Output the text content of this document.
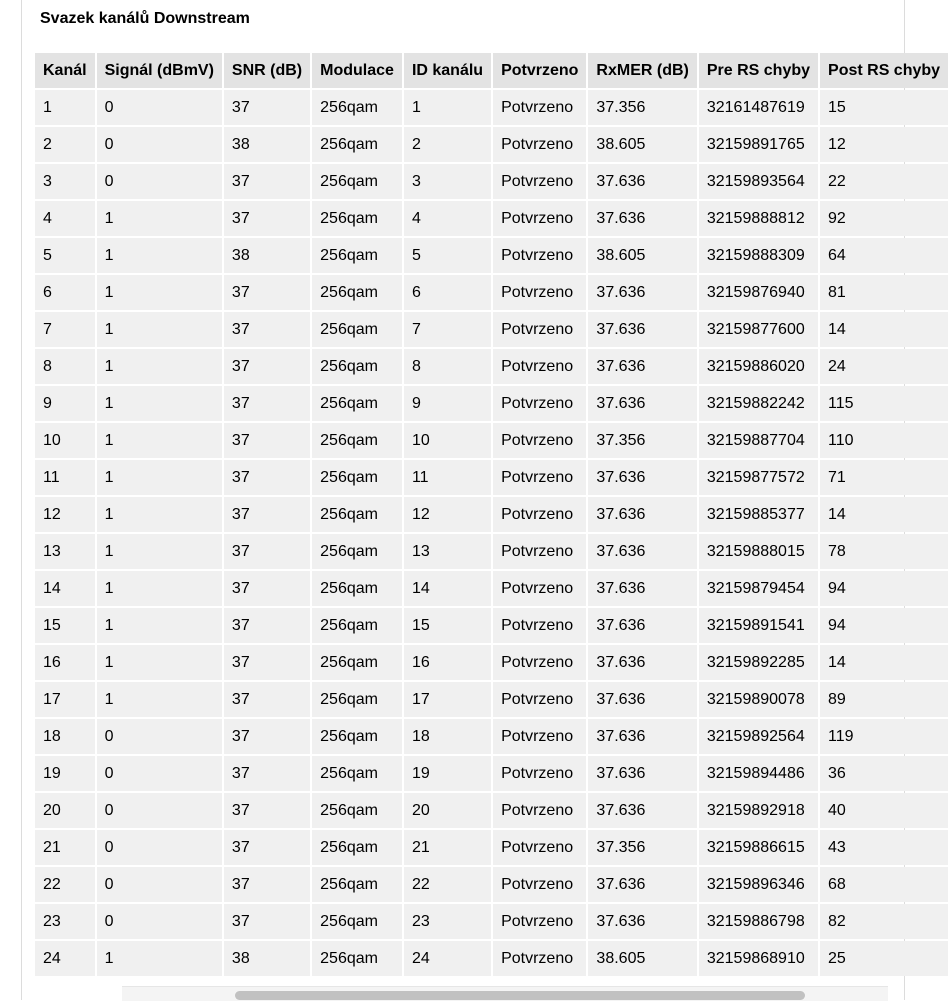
Svazek kanálů Downstream
Kanál	Signál (dBmV)	SNR (dB)	Modulace	ID kanálu	Potvrzeno	RxMER (dB)	Pre RS chyby	Post RS chyby
1	0	37	256qam	1	Potvrzeno	37.356	32161487619	15
2	0	38	256qam	2	Potvrzeno	38.605	32159891765	12
3	0	37	256qam	3	Potvrzeno	37.636	32159893564	22
4	1	37	256qam	4	Potvrzeno	37.636	32159888812	92
5	1	38	256qam	5	Potvrzeno	38.605	32159888309	64
6	1	37	256qam	6	Potvrzeno	37.636	32159876940	81
7	1	37	256qam	7	Potvrzeno	37.636	32159877600	14
8	1	37	256qam	8	Potvrzeno	37.636	32159886020	24
9	1	37	256qam	9	Potvrzeno	37.636	32159882242	115
10	1	37	256qam	10	Potvrzeno	37.356	32159887704	110
11	1	37	256qam	11	Potvrzeno	37.636	32159877572	71
12	1	37	256qam	12	Potvrzeno	37.636	32159885377	14
13	1	37	256qam	13	Potvrzeno	37.636	32159888015	78
14	1	37	256qam	14	Potvrzeno	37.636	32159879454	94
15	1	37	256qam	15	Potvrzeno	37.636	32159891541	94
16	1	37	256qam	16	Potvrzeno	37.636	32159892285	14
17	1	37	256qam	17	Potvrzeno	37.636	32159890078	89
18	0	37	256qam	18	Potvrzeno	37.636	32159892564	119
19	0	37	256qam	19	Potvrzeno	37.636	32159894486	36
20	0	37	256qam	20	Potvrzeno	37.636	32159892918	40
21	0	37	256qam	21	Potvrzeno	37.356	32159886615	43
22	0	37	256qam	22	Potvrzeno	37.636	32159896346	68
23	0	37	256qam	23	Potvrzeno	37.636	32159886798	82
24	1	38	256qam	24	Potvrzeno	38.605	32159868910	25
